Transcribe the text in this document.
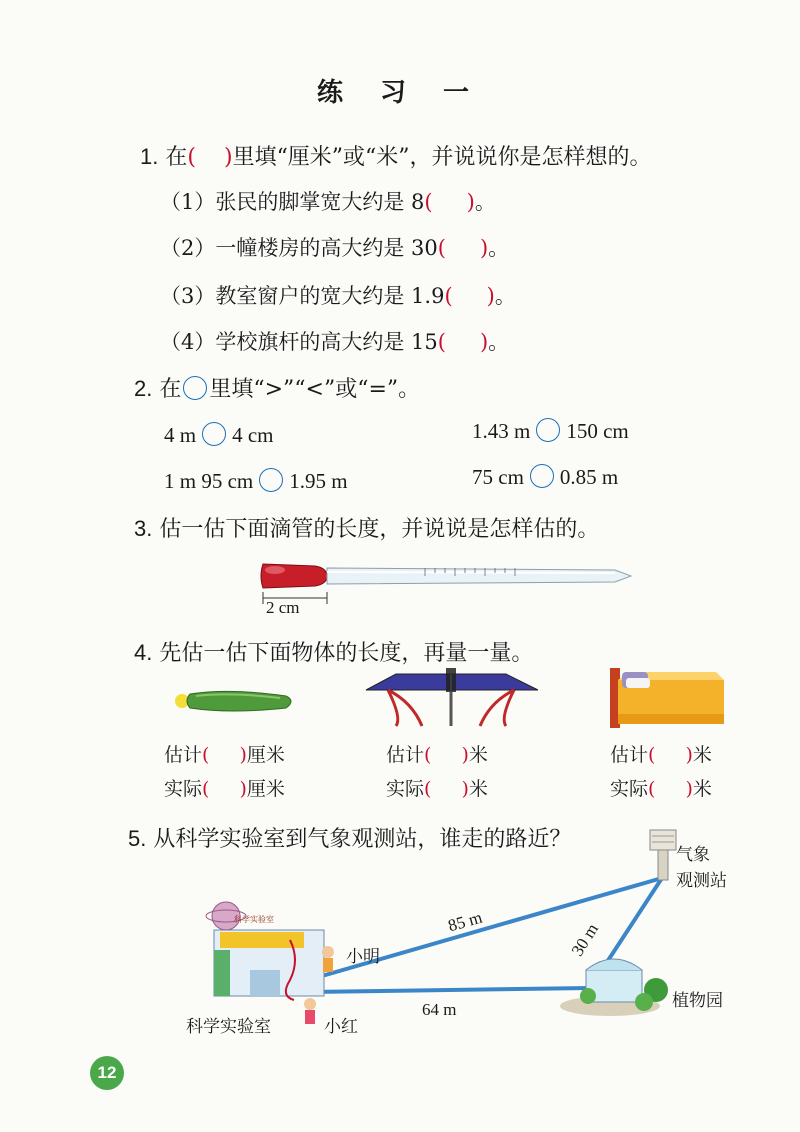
练 习 一
1. 在( )里填“厘米”或“米”，并说说你是怎样想的。
（1）张民的脚掌宽大约是 8( )。
（2）一幢楼房的高大约是 30( )。
（3）教室窗户的宽大约是 1.9( )。
（4）学校旗杆的高大约是 15( )。
2. 在 里填“>”“<”或“=”。
4 m 4 cm	1.43 m 150 cm
1 m 95 cm 1.95 m	75 cm 0.85 m
3. 估一估下面滴管的长度，并说说是怎样估的。
2 cm
4. 先估一估下面物体的长度，再量一量。
估计( )厘米
实际( )厘米
估计( )米
实际( )米
估计( )米
实际( )米
5. 从科学实验室到气象观测站，谁走的路近？
科学实验室
科学实验室
小明
小红
气象
观测站
植物园
85 m	30 m
64 m
12
